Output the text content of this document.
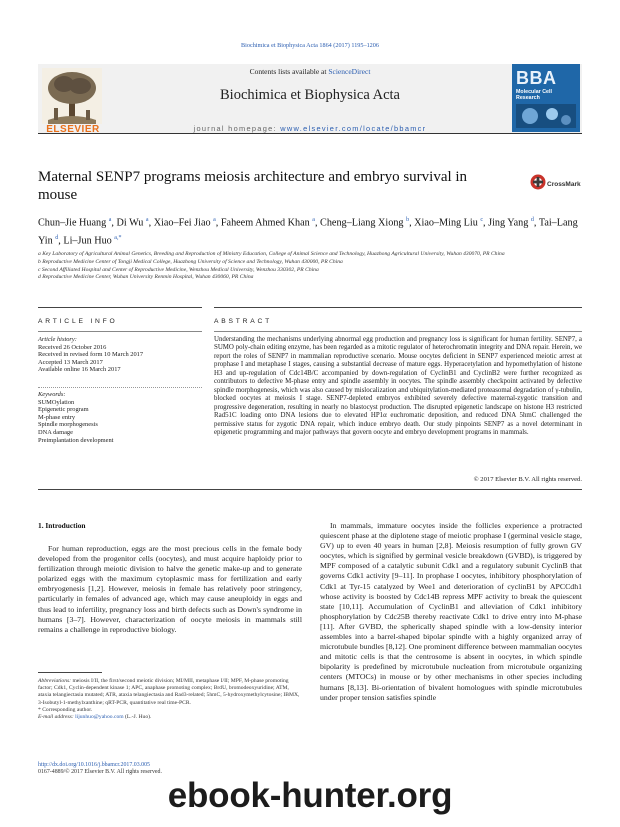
Biochimica et Biophysica Acta 1864 (2017) 1195–1206
ELSEVIER
Contents lists available at ScienceDirect
Biochimica et Biophysica Acta
journal homepage: www.elsevier.com/locate/bbamcr
BBA
Molecular Cell Research
Maternal SENP7 programs meiosis architecture and embryo survival in mouse
CrossMark
Chun–Jie Huang $^a$, Di Wu $^a$, Xiao–Fei Jiao $^a$, Faheem Ahmed Khan $^a$, Cheng–Liang Xiong $^b$, Xiao–Ming Liu $^c$, Jing Yang $^d$, Tai–Lang Yin $^d$, Li–Jun Huo $^{a,*}$

a Key Laboratory of Agricultural Animal Genetics, Breeding and Reproduction of Ministry Education, College of Animal Science and Technology, Huazhong Agricultural University, Wuhan 430070, PR China

b Reproductive Medicine Center of Tongji Medical College, Huazhong University of Science and Technology, Wuhan 430000, PR China

c Second Affiliated Hospital and Center of Reproductive Medicine, Wenzhou Medical University, Wenzhou 330302, PR China

d Reproductive Medicine Center, Wuhan University Renmin Hospital, Wuhan 430060, PR China

ARTICLE INFO	ABSTRACT
Article history:
Received 26 October 2016
Received in revised form 10 March 2017
Accepted 13 March 2017
Available online 16 March 2017
Keywords:
SUMOylation
Epigenetic program
M-phase entry
Spindle morphogenesis
DNA damage
Preimplantation development
Understanding the mechanisms underlying abnormal egg production and pregnancy loss is significant for human fertility. SENP7, a SUMO poly-chain editing enzyme, has been regarded as a mitotic regulator of heterochromatin integrity and DNA repair. Herein, we report the roles of SENP7 in mammalian reproductive scenario. Mouse oocytes deficient in SENP7 experienced meiotic arrest at prophase I and metaphase I stages, causing a substantial decrease of mature eggs. Hyperacetylation and hypomethylation of histone H3 and up-regulation of Cdc14B/C accompanied by down-regulation of CyclinB1 and CyclinB2 were further recognized as contributors to defective M-phase entry and spindle assembly in oocytes. The spindle assembly checkpoint activated by defective spindle morphogenesis, which was also caused by mislocalization and ubiquitylation-mediated proteasomal degradation of γ-tubulin, blocked oocytes at meiosis I stage. SENP7-depleted embryos exhibited severely defective maternal-zygotic transition and progressive degeneration, resulting in nearly no blastocyst production. The disrupted epigenetic landscape on histone H3 restricted Rad51C loading onto DNA lesions due to elevated HP1α euchromatic deposition, and reduced DNA 5hmC challenged the permissive status for zygotic DNA repair, which induce embryo death. Our study pinpoints SENP7 as a novel determinant in epigenetic programming and major pathways that govern oocyte and embryo development programs in mammals.
© 2017 Elsevier B.V. All rights reserved.
1. Introduction
For human reproduction, eggs are the most precious cells in the female body developed from the progenitor cells (oocytes), and must acquire haploidy prior to fertilization through meiotic division to halve the genetic make-up and to generate polarized eggs with the maximum cytoplasmic mass for fertilization and early embryogenesis [1,2]. However, meiosis in female has relatively poor stringency, particularly in females of advanced age, which may cause aneuploidy in eggs and thus lead to infertility, pregnancy loss and birth defects such as Down's syndrome in humans [3–7]. However, characterization of oocyte meiosis in mammals still remains a challenge in reproductive biology.
In mammals, immature oocytes inside the follicles experience a protracted quiescent phase at the diplotene stage of meiotic prophase I (germinal vesicle stage, GV) up to even 40 years in human [2,8]. Meiosis resumption of fully grown GV oocytes, which is signified by germinal vesicle breakdown (GVBD), is triggered by MPF composed of a catalytic subunit Cdk1 and a regulatory subunit CyclinB that governs Cdk1 activity [9–11]. In prophase I oocytes, inhibitory phosphorylation of Cdk1 at Tyr-15 catalyzed by Wee1 and deterioration of cyclinB1 by APCCdh1 whose activity is boosted by Cdc14B repress MPF activity to break the quiescent state [10,11]. Accumulation of CyclinB1 and alleviation of Cdk1 inhibitory phosphorylation by Cdc25B thereby reactivate Cdk1 to drive entry into M-phase [11]. After GVBD, the spherically shaped spindle with a low-density interior assembles into a barrel-shaped bipolar spindle with a highly organized array of microtubule bundles [8,12]. One prominent difference between mammalian oocytes and mitotic cells is that the centrosome is absent in oocytes, in which spindle bipolarity is predefined by microtubule nucleation from microtubule organizing centers (MTOCs) in mouse or by other mechanisms in other species including humans [8,13]. Bi-orientation of bivalent homologues with spindle microtubules under proper tension satisfies spindle
Abbreviations: meiosis I/II, the first/second meiotic division; MI/MII, metaphase I/II; MPF, M-phase promoting factor; Cdk1, Cyclin-dependent kinase 1; APC, anaphase promoting complex; BrdU, bromodeoxyuridine; ATM, ataxia telangiectasia mutated; ATR, ataxia telangiectasia and Rad3-related; 5hmC, 5-hydroxymethylcytosine; IBMX, 3-Isobutyl-1-methylxanthine; qRT-PCR, quantitative real time-PCR.
* Corresponding author.
E-mail address: lijunhuo@yahoo.com (L.-J. Huo).
http://dx.doi.org/10.1016/j.bbamcr.2017.03.005
0167-4889/© 2017 Elsevier B.V. All rights reserved.
ebook-hunter.org
